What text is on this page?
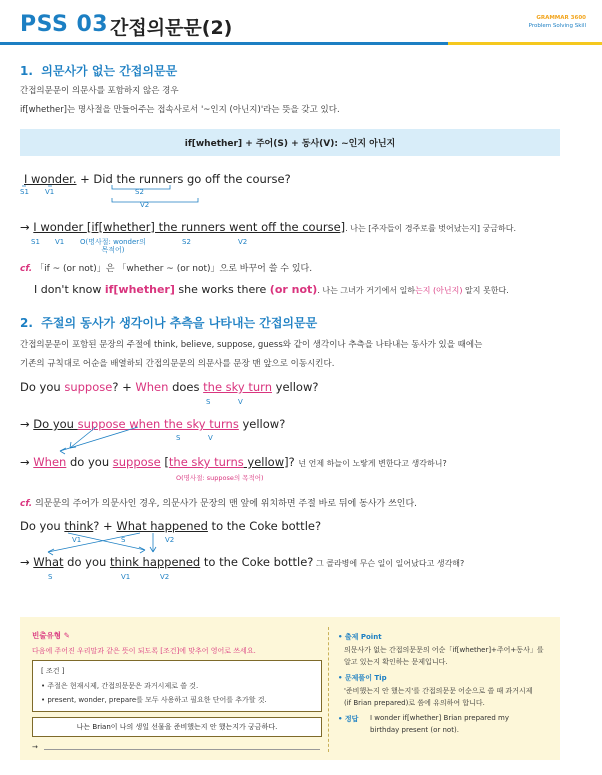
PSS 03 간접의문문(2)	GRAMMAR 3600
Problem Solving Skill
1. 의문사가 없는 간접의문문
간접의문문이 의문사를 포함하지 않은 경우
if[whether]는 명사절을 만들어주는 접속사로서 '~인지 (아닌지)'라는 뜻을 갖고 있다.
if[whether] + 주어(S) + 동사(V): ~인지 아닌지
I wonder. + Did the runners go off the course?
S1 V1	S2
V2
→ I wonder [if[whether] the runners went off the course]. 나는 [주자들이 경주로를 벗어났는지] 궁금하다.
S1 V1 O(명사절: wonder의
목적어)
S2	V2
cf. 「if ~ (or not)」은 「whether ~ (or not)」으로 바꾸어 쓸 수 있다.
I don't know if[whether] she works there (or not). 나는 그녀가 거기에서 일하는지 (아닌지) 알지 못한다.
2. 주절의 동사가 생각이나 추측을 나타내는 간접의문문
간접의문문이 포함된 문장의 주절에 think, believe, suppose, guess와 같이 생각이나 추측을 나타내는 동사가 있을 때에는
기존의 규칙대로 어순을 배열하되 간접의문문의 의문사를 문장 맨 앞으로 이동시킨다.
Do you suppose? + When does the sky turn yellow?
S	V
→ Do you suppose when the sky turns yellow?
S	V
→ When do you suppose [the sky turns yellow]? 넌 언제 하늘이 노랗게 변한다고 생각하니?
O(명사절: suppose의 목적어)
cf. 의문문의 주어가 의문사인 경우, 의문사가 문장의 맨 앞에 위치하면 주절 바로 뒤에 동사가 쓰인다.
Do you think? + What happened to the Coke bottle?
V1	S	V2
→ What do you think happened to the Coke bottle? 그 콜라병에 무슨 일이 일어났다고 생각해?
S	V1	V2
빈출유형 ✎
다음에 주어진 우리말과 같은 뜻이 되도록 [조건]에 맞추어 영어로 쓰세요.
[ 조건 ]
• 주절은 현재시제, 간접의문문은 과거시제로 쓸 것.
• present, wonder, prepare를 모두 사용하고 필요한 단어를 추가할 것.
나는 Brian이 나의 생일 선물을 준비했는지 안 했는지가 궁금하다.
→
• 출제 Point
의문사가 없는 간접의문문의 어순「if[whether]+주어+동사」를
알고 있는지 확인하는 문제입니다.
• 문제풀이 Tip
'준비했는지 안 했는지'를 간접의문문 어순으로 쓸 때 과거시제
(if Brian prepared)로 씀에 유의하여 합니다.
• 정답 I wonder if[whether] Brian prepared my
birthday present (or not).
